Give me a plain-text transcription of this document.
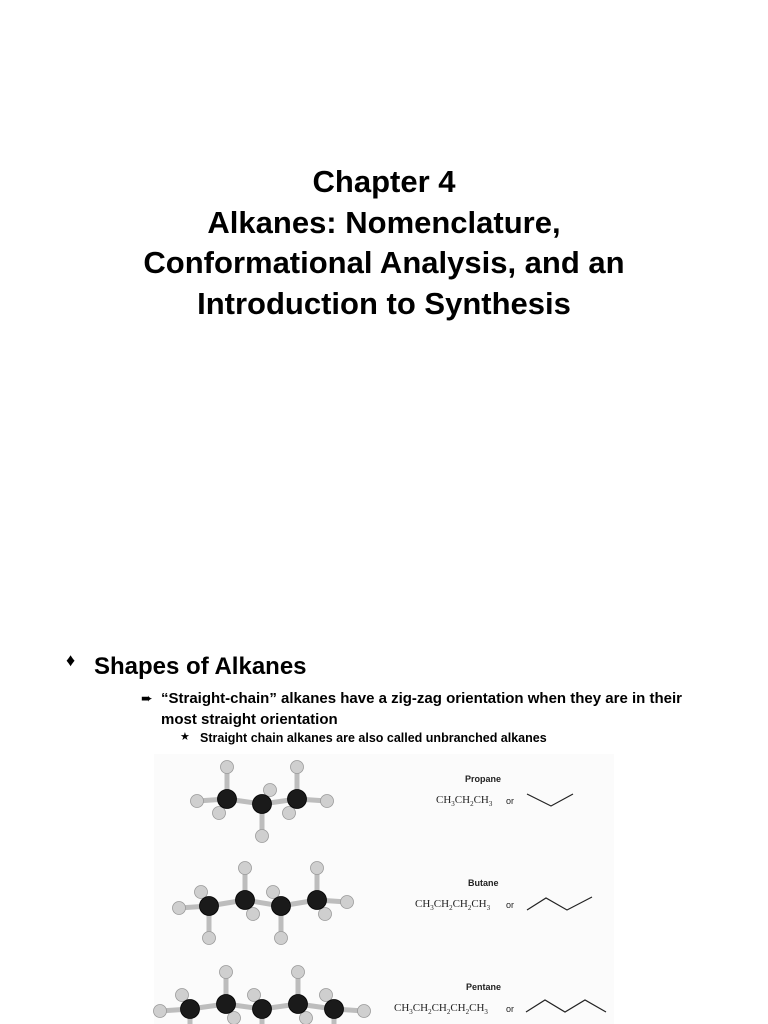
Chapter 4
Alkanes: Nomenclature,
Conformational Analysis, and an
Introduction to Synthesis
♦ Shapes of Alkanes
➨ “Straight-chain” alkanes have a zig-zag orientation when they are in their most straight orientation
★ Straight chain alkanes are also called unbranched alkanes
Propane
$CH_3CH_2CH_3$ or
Butane
$CH_3CH_2CH_2CH_3$ or
Pentane
$CH_3CH_2CH_2CH_2CH_3$ or
